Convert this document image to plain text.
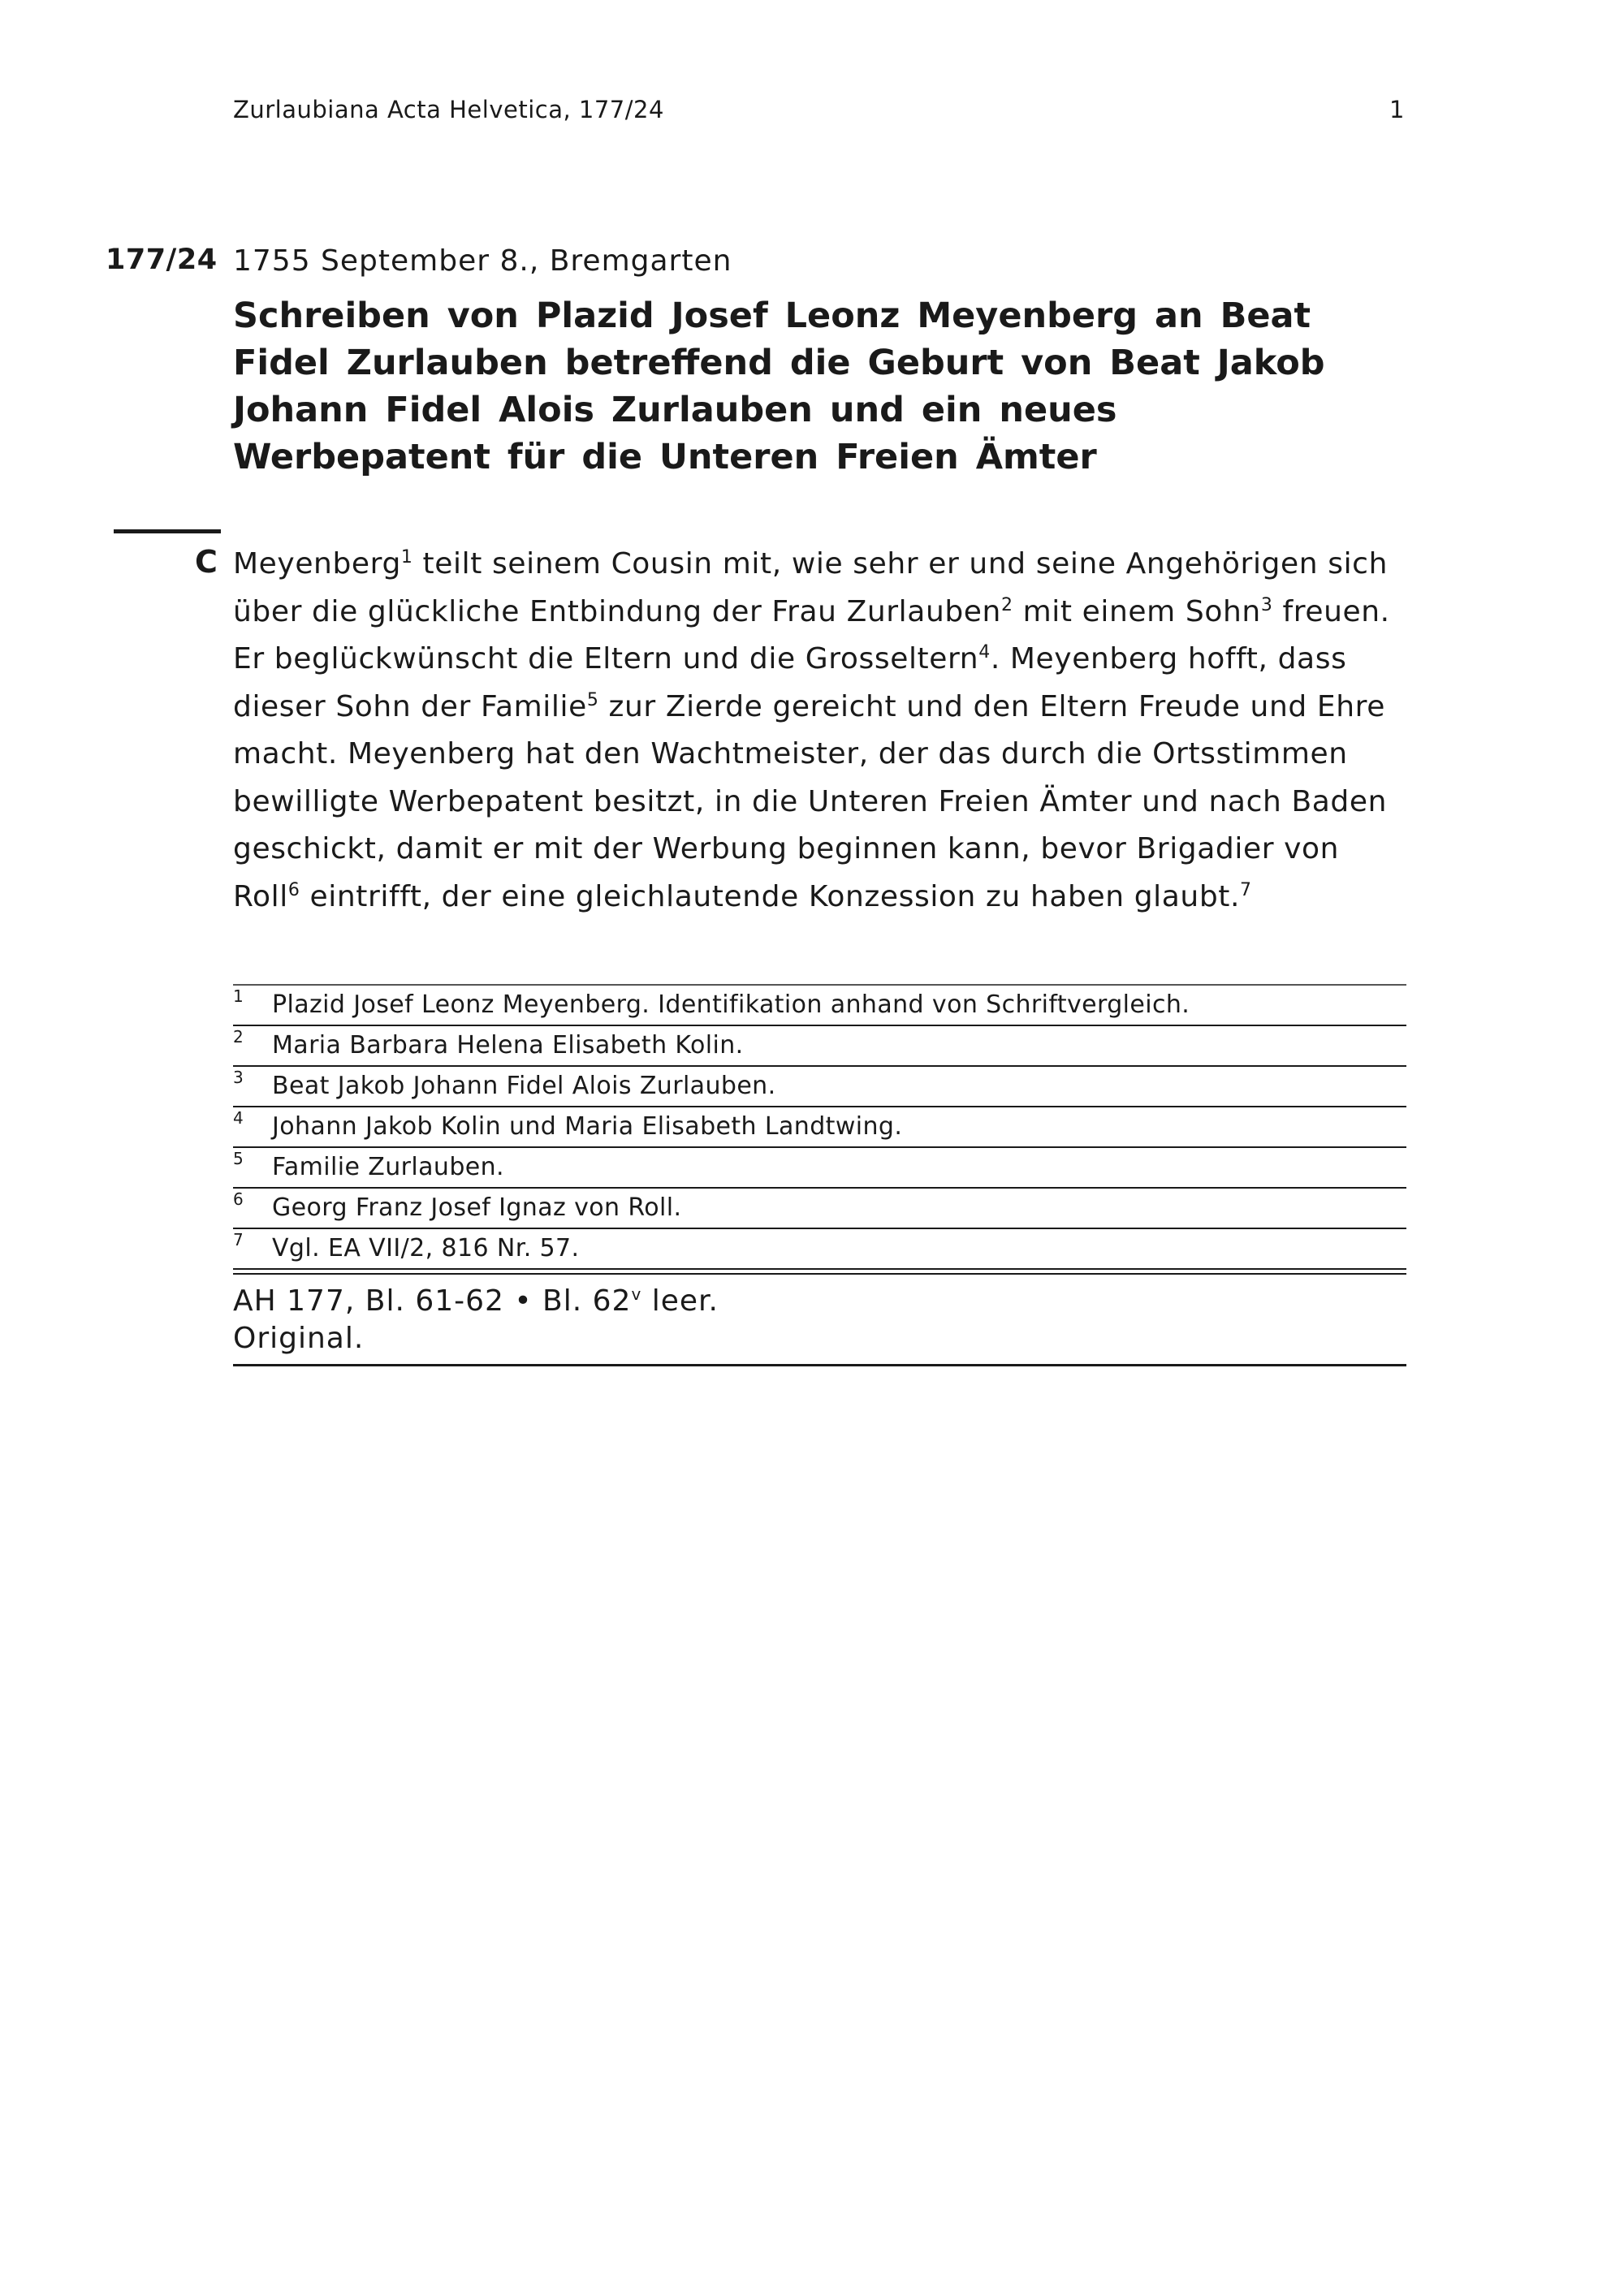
Zurlaubiana Acta Helvetica, 177/24	1
177/24 1755 September 8., Bremgarten
Schreiben von Plazid Josef Leonz Meyenberg an Beat Fidel Zurlauben betreffend die Geburt von Beat Jakob Johann Fidel Alois Zurlauben und ein neues Werbepatent für die Unteren Freien Ämter
C Meyenberg$^1$ teilt seinem Cousin mit, wie sehr er und seine Angehörigen sich über die glückliche Entbindung der Frau Zurlauben$^2$ mit einem Sohn$^3$ freuen. Er beglückwünscht die Eltern und die Grosseltern$^4$. Meyenberg hofft, dass dieser Sohn der Familie$^5$ zur Zierde gereicht und den Eltern Freude und Ehre macht. Meyenberg hat den Wachtmeister, der das durch die Ortsstimmen bewilligte Werbepatent besitzt, in die Unteren Freien Ämter und nach Baden geschickt, damit er mit der Werbung beginnen kann, bevor Brigadier von Roll$^6$ eintrifft, der eine gleichlautende Konzession zu haben glaubt.$^7$

1 Plazid Josef Leonz Meyenberg. Identifikation anhand von Schriftvergleich.
2 Maria Barbara Helena Elisabeth Kolin.
3 Beat Jakob Johann Fidel Alois Zurlauben.
4 Johann Jakob Kolin und Maria Elisabeth Landtwing.
5 Familie Zurlauben.
6 Georg Franz Josef Ignaz von Roll.
7 Vgl. EA VII/2, 816 Nr. 57.
AH 177, Bl. 61-62 • Bl. 62$^v$ leer.
Original.
